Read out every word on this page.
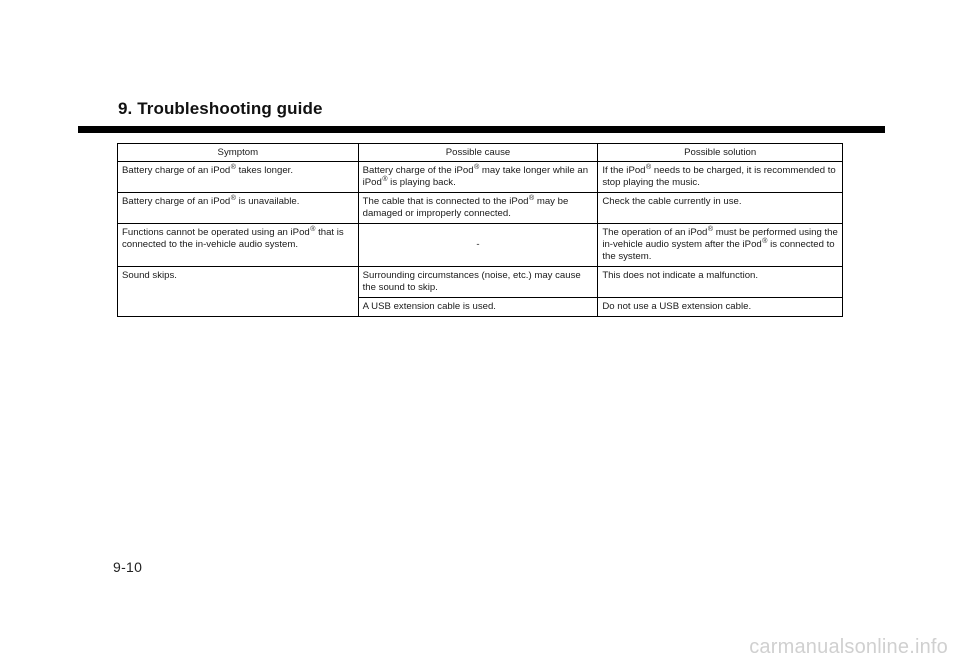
9. Troubleshooting guide
Symptom	Possible cause	Possible solution
Battery charge of an iPod® takes longer.	Battery charge of the iPod® may take longer while an iPod® is playing back.	If the iPod® needs to be charged, it is recommended to stop playing the music.
Battery charge of an iPod® is unavailable.	The cable that is connected to the iPod® may be damaged or improperly connected.	Check the cable currently in use.
Functions cannot be operated using an iPod® that is connected to the in-vehicle audio system.	-	The operation of an iPod® must be performed using the in-vehicle audio system after the iPod® is connected to the system.
Sound skips.	Surrounding circumstances (noise, etc.) may cause the sound to skip.	This does not indicate a malfunction.
	A USB extension cable is used.	Do not use a USB extension cable.
9-10
carmanualsonline.info
